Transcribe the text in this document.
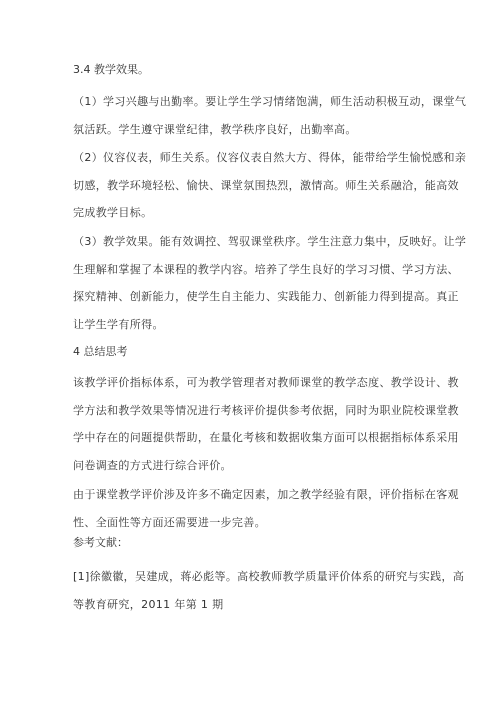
3.4 教学效果。
（1）学习兴趣与出勤率。要让学生学习情绪饱满，师生活动积极互动，课堂气
氛活跃。学生遵守课堂纪律，教学秩序良好，出勤率高。
（2）仪容仪表，师生关系。仪容仪表自然大方、得体，能带给学生愉悦感和亲
切感，教学环境轻松、愉快、课堂氛围热烈，激情高。师生关系融洽，能高效
完成教学目标。
（3）教学效果。能有效调控、驾驭课堂秩序。学生注意力集中，反映好。让学
生理解和掌握了本课程的教学内容。培养了学生良好的学习习惯、学习方法、
探究精神、创新能力，使学生自主能力、实践能力、创新能力得到提高。真正
让学生学有所得。
4 总结思考
该教学评价指标体系，可为教学管理者对教师课堂的教学态度、教学设计、教
学方法和教学效果等情况进行考核评价提供参考依据，同时为职业院校课堂教
学中存在的问题提供帮助，在量化考核和数据收集方面可以根据指标体系采用
问卷调查的方式进行综合评价。
由于课堂教学评价涉及许多不确定因素，加之教学经验有限，评价指标在客观
性、全面性等方面还需要进一步完善。
参考文献：
[1]徐徽徽，吴建成，蒋必彪等。高校教师教学质量评价体系的研究与实践，高
等教育研究，2011 年第 1 期
